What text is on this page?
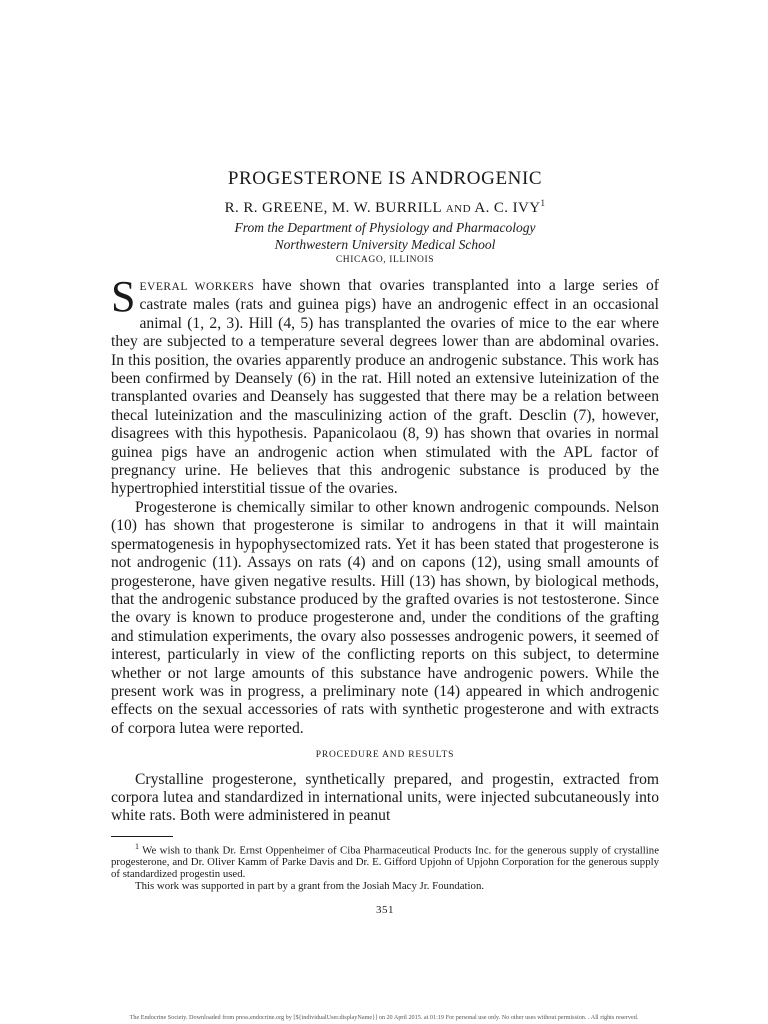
PROGESTERONE IS ANDROGENIC
R. R. GREENE, M. W. BURRILL AND A. C. IVY$^1$

From the Department of Physiology and Pharmacology

Northwestern University Medical School

CHICAGO, ILLINOIS

SEVERAL WORKERS have shown that ovaries transplanted into a large series of castrate males (rats and guinea pigs) have an androgenic effect in an occasional animal (1, 2, 3). Hill (4, 5) has transplanted the ovaries of mice to the ear where they are subjected to a temperature several degrees lower than are abdominal ovaries. In this position, the ovaries apparently produce an androgenic substance. This work has been confirmed by Deansely (6) in the rat. Hill noted an extensive luteinization of the transplanted ovaries and Deansely has suggested that there may be a relation between thecal luteinization and the masculinizing action of the graft. Desclin (7), however, disagrees with this hypothesis. Papanicolaou (8, 9) has shown that ovaries in normal guinea pigs have an androgenic action when stimulated with the APL factor of pregnancy urine. He believes that this androgenic substance is produced by the hypertrophied interstitial tissue of the ovaries.

Progesterone is chemically similar to other known androgenic compounds. Nelson (10) has shown that progesterone is similar to androgens in that it will maintain spermatogenesis in hypophysectomized rats. Yet it has been stated that progesterone is not androgenic (11). Assays on rats (4) and on capons (12), using small amounts of progesterone, have given negative results. Hill (13) has shown, by biological methods, that the androgenic substance produced by the grafted ovaries is not testosterone. Since the ovary is known to produce progesterone and, under the conditions of the grafting and stimulation experiments, the ovary also possesses androgenic powers, it seemed of interest, particularly in view of the conflicting reports on this subject, to determine whether or not large amounts of this substance have androgenic powers. While the present work was in progress, a preliminary note (14) appeared in which androgenic effects on the sexual accessories of rats with synthetic progesterone and with extracts of corpora lutea were reported.

PROCEDURE AND RESULTS

Crystalline progesterone, synthetically prepared, and progestin, extracted from corpora lutea and standardized in international units, were injected subcutaneously into white rats. Both were administered in peanut

$^1$ We wish to thank Dr. Ernst Oppenheimer of Ciba Pharmaceutical Products Inc. for the generous supply of crystalline progesterone, and Dr. Oliver Kamm of Parke Davis and Dr. E. Gifford Upjohn of Upjohn Corporation for the generous supply of standardized progestin used.

This work was supported in part by a grant from the Josiah Macy Jr. Foundation.

351
The Endocrine Society. Downloaded from press.endocrine.org by [${individualUser.displayName}] on 20 April 2015. at 01:19 For personal use only. No other uses without permission. . All rights reserved.
